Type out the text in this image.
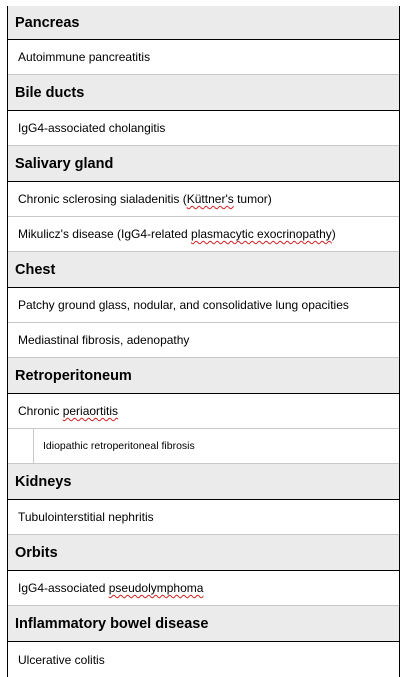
Pancreas
Autoimmune pancreatitis
Bile ducts
IgG4-associated cholangitis
Salivary gland
Chronic sclerosing sialadenitis (Küttner's tumor)
Mikulicz's disease (IgG4-related plasmacytic exocrinopathy)
Chest
Patchy ground glass, nodular, and consolidative lung opacities
Mediastinal fibrosis, adenopathy
Retroperitoneum
Chronic periaortitis
Idiopathic retroperitoneal fibrosis
Kidneys
Tubulointerstitial nephritis
Orbits
IgG4-associated pseudolymphoma
Inflammatory bowel disease
Ulcerative colitis
